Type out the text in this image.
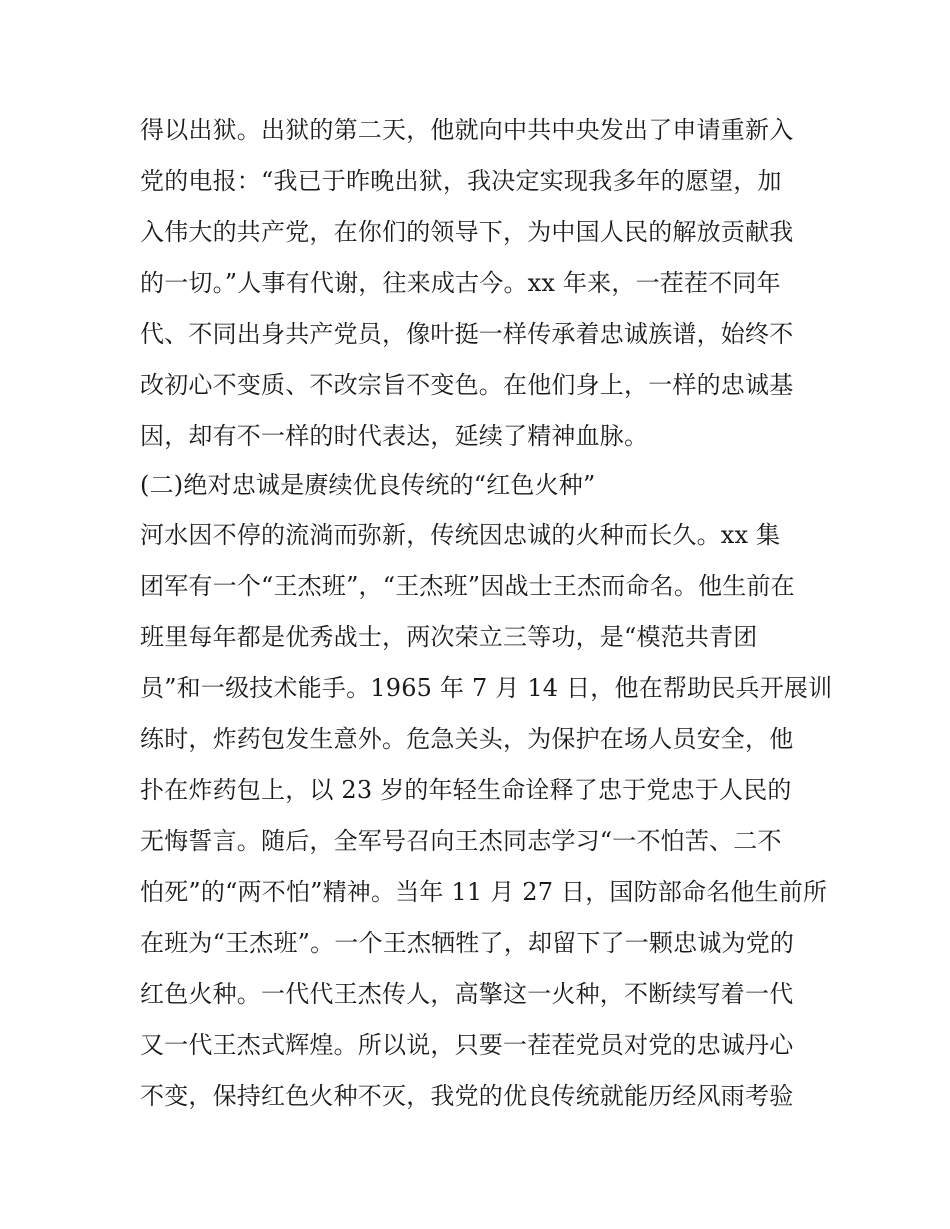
得以出狱。出狱的第二天，他就向中共中央发出了申请重新入
党的电报：“我已于昨晚出狱，我决定实现我多年的愿望，加
入伟大的共产党，在你们的领导下，为中国人民的解放贡献我
的一切。”人事有代谢，往来成古今。xx 年来，一茬茬不同年
代、不同出身共产党员，像叶挺一样传承着忠诚族谱，始终不
改初心不变质、不改宗旨不变色。在他们身上，一样的忠诚基
因，却有不一样的时代表达，延续了精神血脉。
(二)绝对忠诚是赓续优良传统的“红色火种”
河水因不停的流淌而弥新，传统因忠诚的火种而长久。xx 集
团军有一个“王杰班”，“王杰班”因战士王杰而命名。他生前在
班里每年都是优秀战士，两次荣立三等功，是“模范共青团
员”和一级技术能手。1965 年 7 月 14 日，他在帮助民兵开展训
练时，炸药包发生意外。危急关头，为保护在场人员安全，他
扑在炸药包上，以 23 岁的年轻生命诠释了忠于党忠于人民的
无悔誓言。随后，全军号召向王杰同志学习“一不怕苦、二不
怕死”的“两不怕”精神。当年 11 月 27 日，国防部命名他生前所
在班为“王杰班”。一个王杰牺牲了，却留下了一颗忠诚为党的
红色火种。一代代王杰传人，高擎这一火种，不断续写着一代
又一代王杰式辉煌。所以说，只要一茬茬党员对党的忠诚丹心
不变，保持红色火种不灭，我党的优良传统就能历经风雨考验
